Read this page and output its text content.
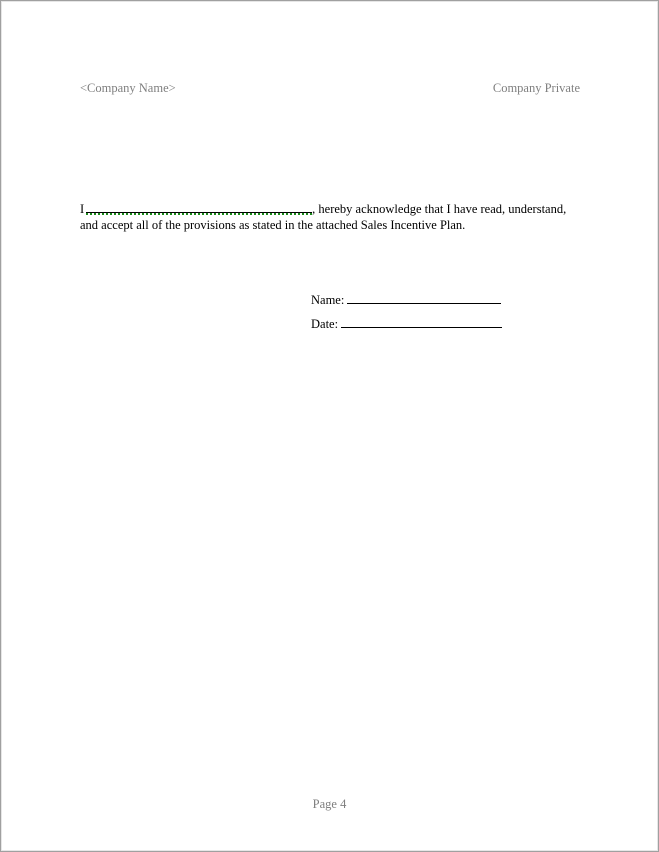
<Company Name>	Company Private
I	, hereby acknowledge that I have read, understand,
and accept all of the provisions as stated in the attached Sales Incentive Plan.
Name:
Date:
Page 4
